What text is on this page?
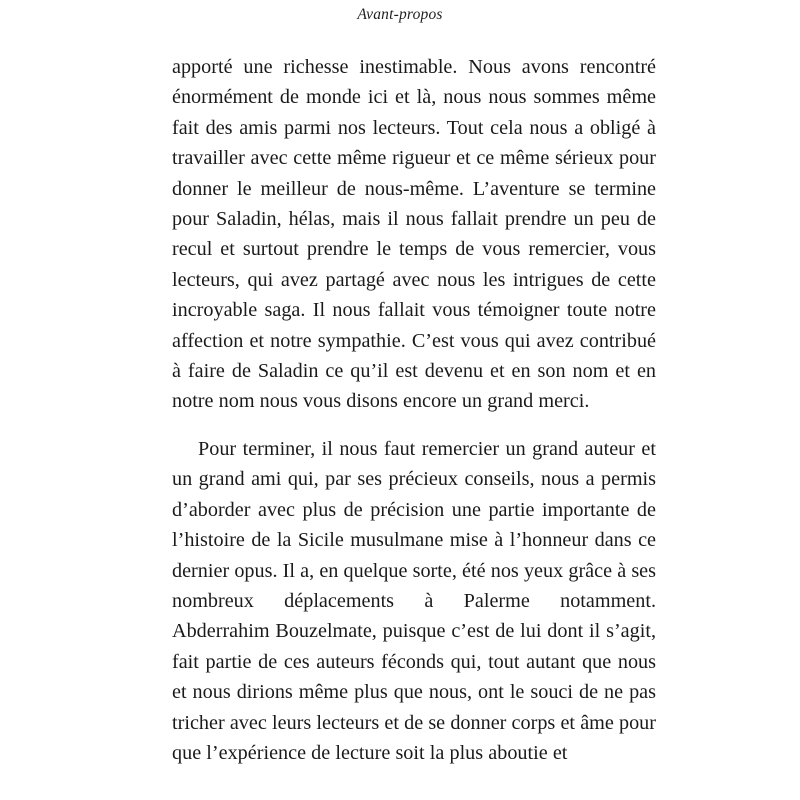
Avant-propos

apporté une richesse inestimable. Nous avons rencontré énormément de monde ici et là, nous nous sommes même fait des amis parmi nos lecteurs. Tout cela nous a obligé à travailler avec cette même rigueur et ce même sérieux pour donner le meilleur de nous-même. L’aventure se termine pour Saladin, hélas, mais il nous fallait prendre un peu de recul et surtout prendre le temps de vous remercier, vous lecteurs, qui avez partagé avec nous les intrigues de cette incroyable saga. Il nous fallait vous témoigner toute notre affection et notre sympathie. C’est vous qui avez contribué à faire de Saladin ce qu’il est devenu et en son nom et en notre nom nous vous disons encore un grand merci.

Pour terminer, il nous faut remercier un grand auteur et un grand ami qui, par ses précieux conseils, nous a permis d’aborder avec plus de précision une partie importante de l’histoire de la Sicile musulmane mise à l’honneur dans ce dernier opus. Il a, en quelque sorte, été nos yeux grâce à ses nombreux déplacements à Palerme notamment. Abderrahim Bouzelmate, puisque c’est de lui dont il s’agit, fait partie de ces auteurs féconds qui, tout autant que nous et nous dirions même plus que nous, ont le souci de ne pas tricher avec leurs lecteurs et de se donner corps et âme pour que l’expérience de lecture soit la plus aboutie et
